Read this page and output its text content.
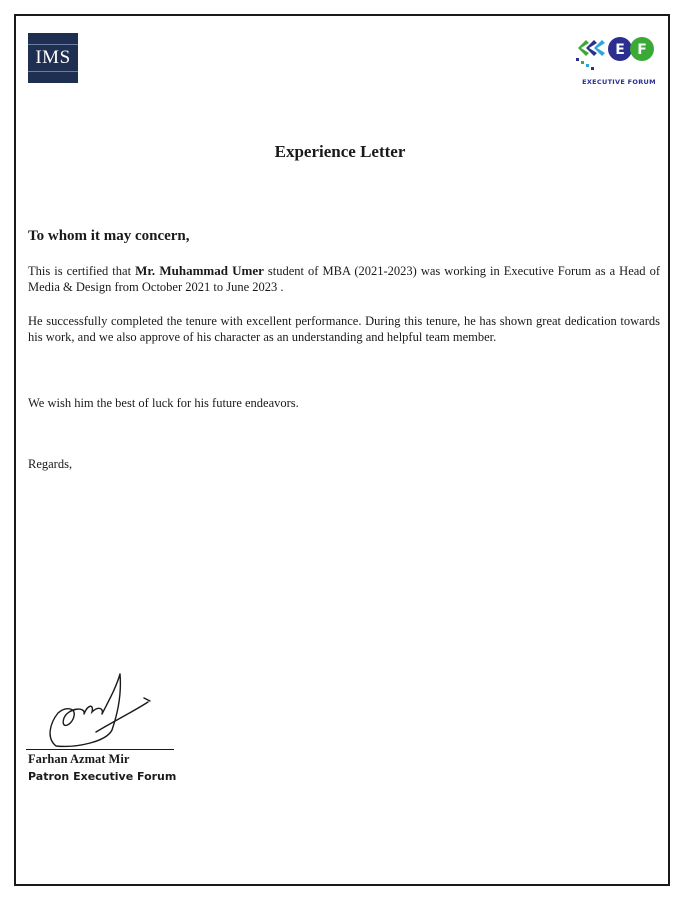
IMS	E F
EXECUTIVE FORUM
Experience Letter
To whom it may concern,
This is certified that Mr. Muhammad Umer student of MBA (2021-2023) was working in Executive Forum as a Head of Media & Design from October 2021 to June 2023 .
He successfully completed the tenure with excellent performance. During this tenure, he has shown great dedication towards his work, and we also approve of his character as an understanding and helpful team member.
We wish him the best of luck for his future endeavors.
Regards,
Farhan Azmat Mir
Patron Executive Forum
